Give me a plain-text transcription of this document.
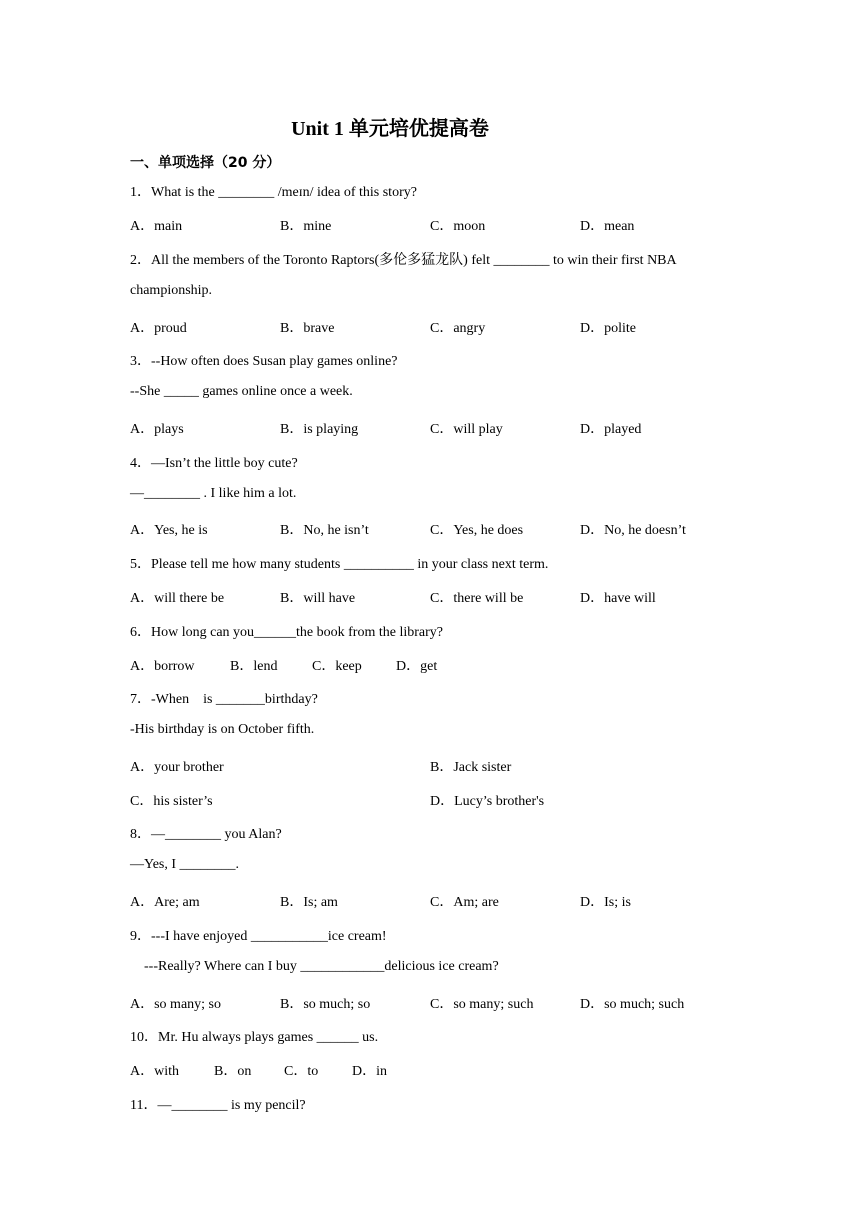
Unit 1 单元培优提高卷
一、单项选择（20 分）
1．What is the ________ /meɪn/ idea of this story?
A．main	B．mine	C．moon	D．mean
2．All the members of the Toronto Raptors(多伦多猛龙队) felt ________ to win their first NBA
championship.
A．proud	B．brave	C．angry	D．polite
3．--How often does Susan play games online?
--She _____ games online once a week.
A．plays	B．is playing	C．will play	D．played
4．—Isn’t the little boy cute?
—________ . I like him a lot.
A．Yes, he is	B．No, he isn’t	C．Yes, he does	D．No, he doesn’t
5．Please tell me how many students __________ in your class next term.
A．will there be	B．will have	C．there will be	D．have will
6．How long can you______the book from the library?
A．borrow	B．lend C．keep D．get
7．-When    is _______birthday?
-His birthday is on October fifth.
A．your brother	B．Jack sister
C．his sister’s	D．Lucy’s brother's
8．—________ you Alan?
—Yes, I ________.
A．Are; am	B．Is; am	C．Am; are	D．Is; is
9．---I have enjoyed ___________ice cream!
---Really? Where can I buy ____________delicious ice cream?
A．so many; so	B．so much; so	C．so many; such	D．so much; such
10．Mr. Hu always plays games ______ us.
A．with	B．on C．to D．in
11．—________ is my pencil?
